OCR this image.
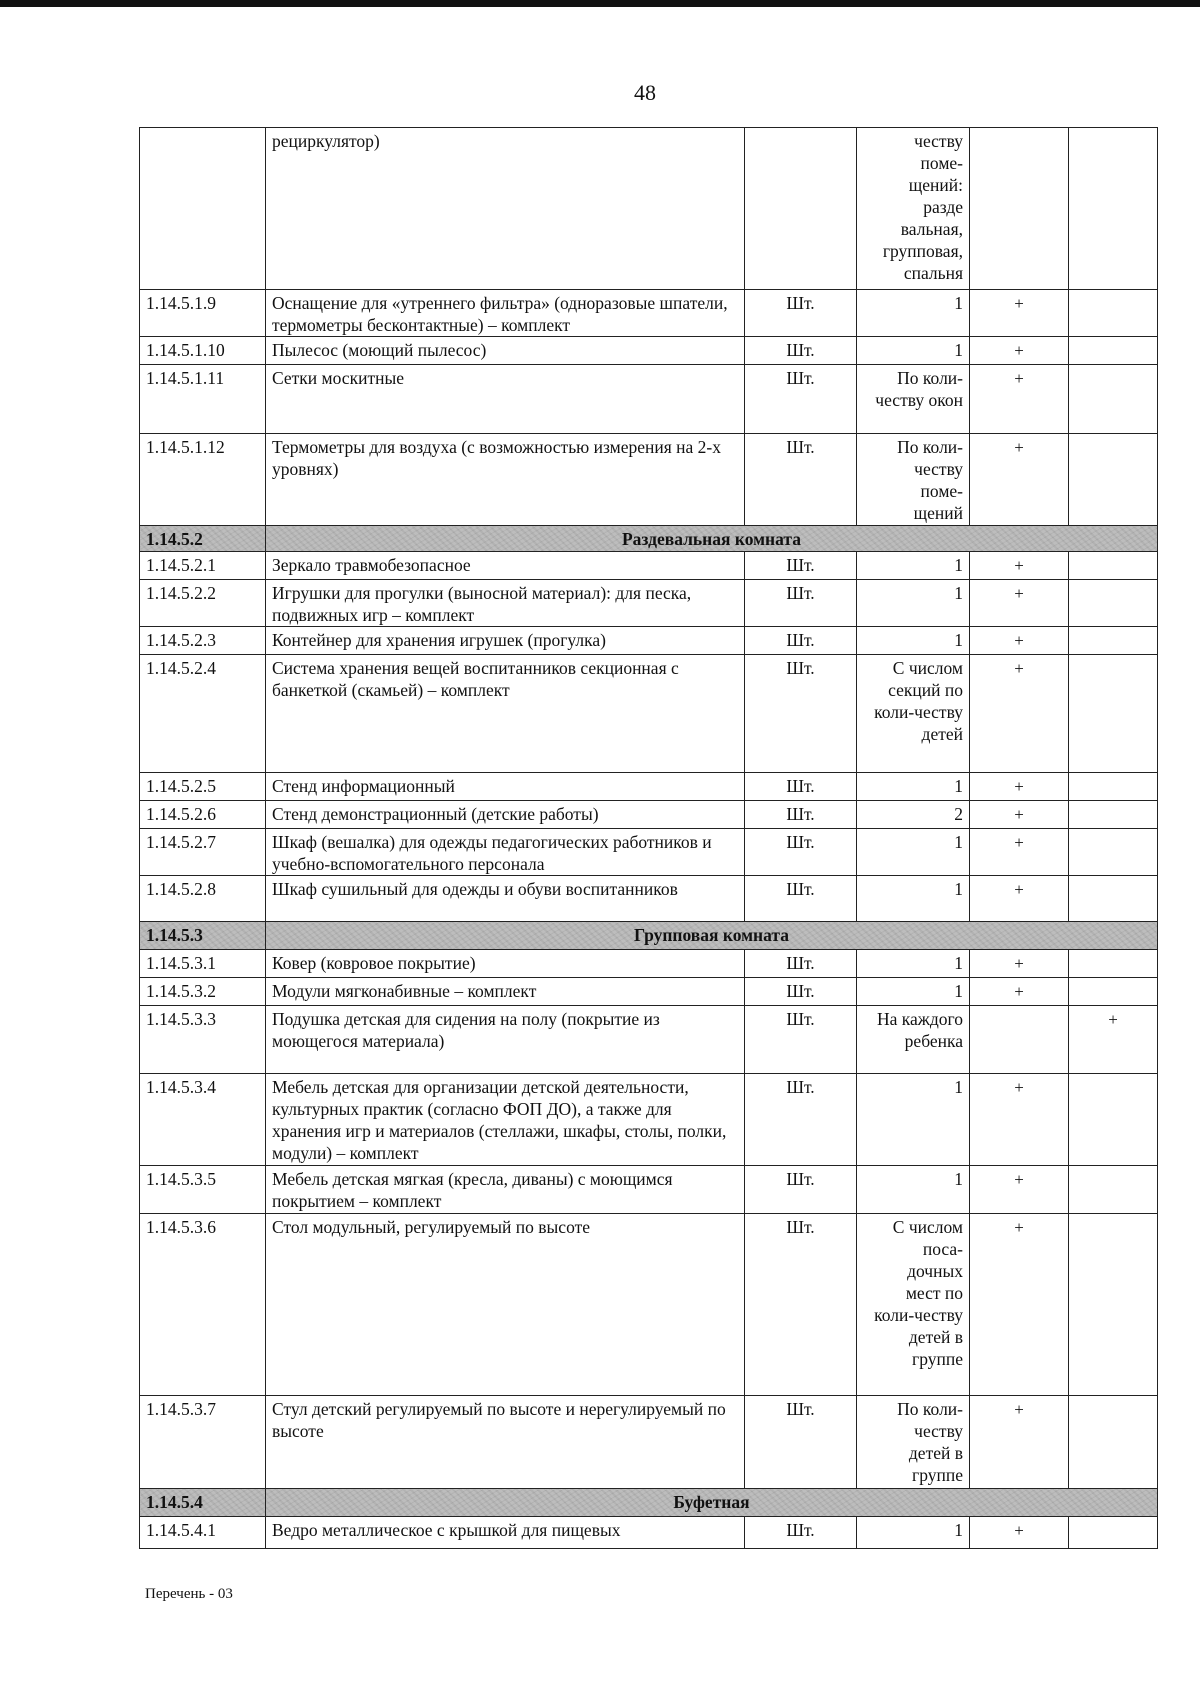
48
	рециркулятор)		честву поме-щений: разде вальная, групповая, спальня		

1.14.5.1.9	Оснащение для «утреннего фильтра» (одноразовые шпатели, термометры бесконтактные) – комплект	Шт.	1	+	
1.14.5.1.10	Пылесос (моющий пылесос)	Шт.	1	+	
1.14.5.1.11	Сетки москитные	Шт.	По коли-честву окон	+	
1.14.5.1.12	Термометры для воздуха (с возможностью измерения на 2-х уровнях)	Шт.	По коли-честву поме-щений	+	
1.14.5.2	Раздевальная комната				
1.14.5.2.1	Зеркало травмобезопасное	Шт.	1	+	
1.14.5.2.2	Игрушки для прогулки (выносной материал): для песка, подвижных игр – комплект	Шт.	1	+	
1.14.5.2.3	Контейнер для хранения игрушек (прогулка)	Шт.	1	+	
1.14.5.2.4	Система хранения вещей воспитанников секционная с банкеткой (скамьей) – комплект	Шт.	С числом секций по коли-честву детей	+	
1.14.5.2.5	Стенд информационный	Шт.	1	+	
1.14.5.2.6	Стенд демонстрационный (детские работы)	Шт.	2	+	
1.14.5.2.7	Шкаф (вешалка) для одежды педагогических работников и учебно-вспомогательного персонала	Шт.	1	+	
1.14.5.2.8	Шкаф сушильный для одежды и обуви воспитанников	Шт.	1	+	
1.14.5.3	Групповая комната				
1.14.5.3.1	Ковер (ковровое покрытие)	Шт.	1	+	
1.14.5.3.2	Модули мягконабивные – комплект	Шт.	1	+	
1.14.5.3.3	Подушка детская для сидения на полу (покрытие из моющегося материала)	Шт.	На каждого ребенка		+
1.14.5.3.4	Мебель детская для организации детской деятельности, культурных практик (согласно ФОП ДО), а также для хранения игр и материалов (стеллажи, шкафы, столы, полки, модули) – комплект	Шт.	1	+	
1.14.5.3.5	Мебель детская мягкая (кресла, диваны) с моющимся покрытием – комплект	Шт.	1	+	
1.14.5.3.6	Стол модульный, регулируемый по высоте	Шт.	С числом поса-дочных мест по коли-честву детей в группе	+	
1.14.5.3.7	Стул детский регулируемый по высоте и нерегулируемый по высоте	Шт.	По коли-честву детей в группе	+	
1.14.5.4	Буфетная				
1.14.5.4.1	Ведро металлическое с крышкой для пищевых	Шт.	1	+	
Перечень - 03
